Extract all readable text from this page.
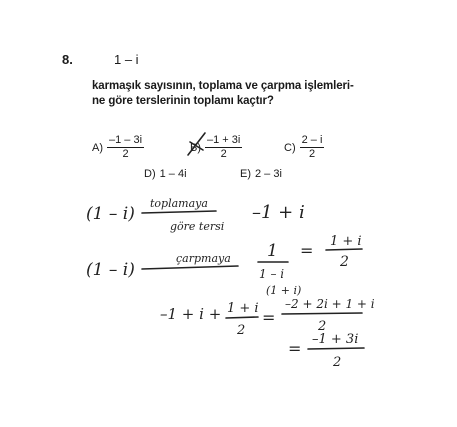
8.	1 – i
karmaşık sayısının, toplama ve çarpma işlemleri-
ne göre terslerinin toplamı kaçtır?
$A) \frac{-1 - 3i}{2}$	$B) \frac{-1 + 3i}{2}$	$C) \frac{2 - i}{2}$
D) 1 – 4i	E) 2 – 3i
(1 – i)
toplamaya
göre tersi
–1 + i
(1 – i)
çarpmaya 1
1 – i
(1 + i)
= 1 + i
2
–1 + i + 1 + i
2
=
–2 + 2i + 1 + i
2
= –1 + 3i
2
